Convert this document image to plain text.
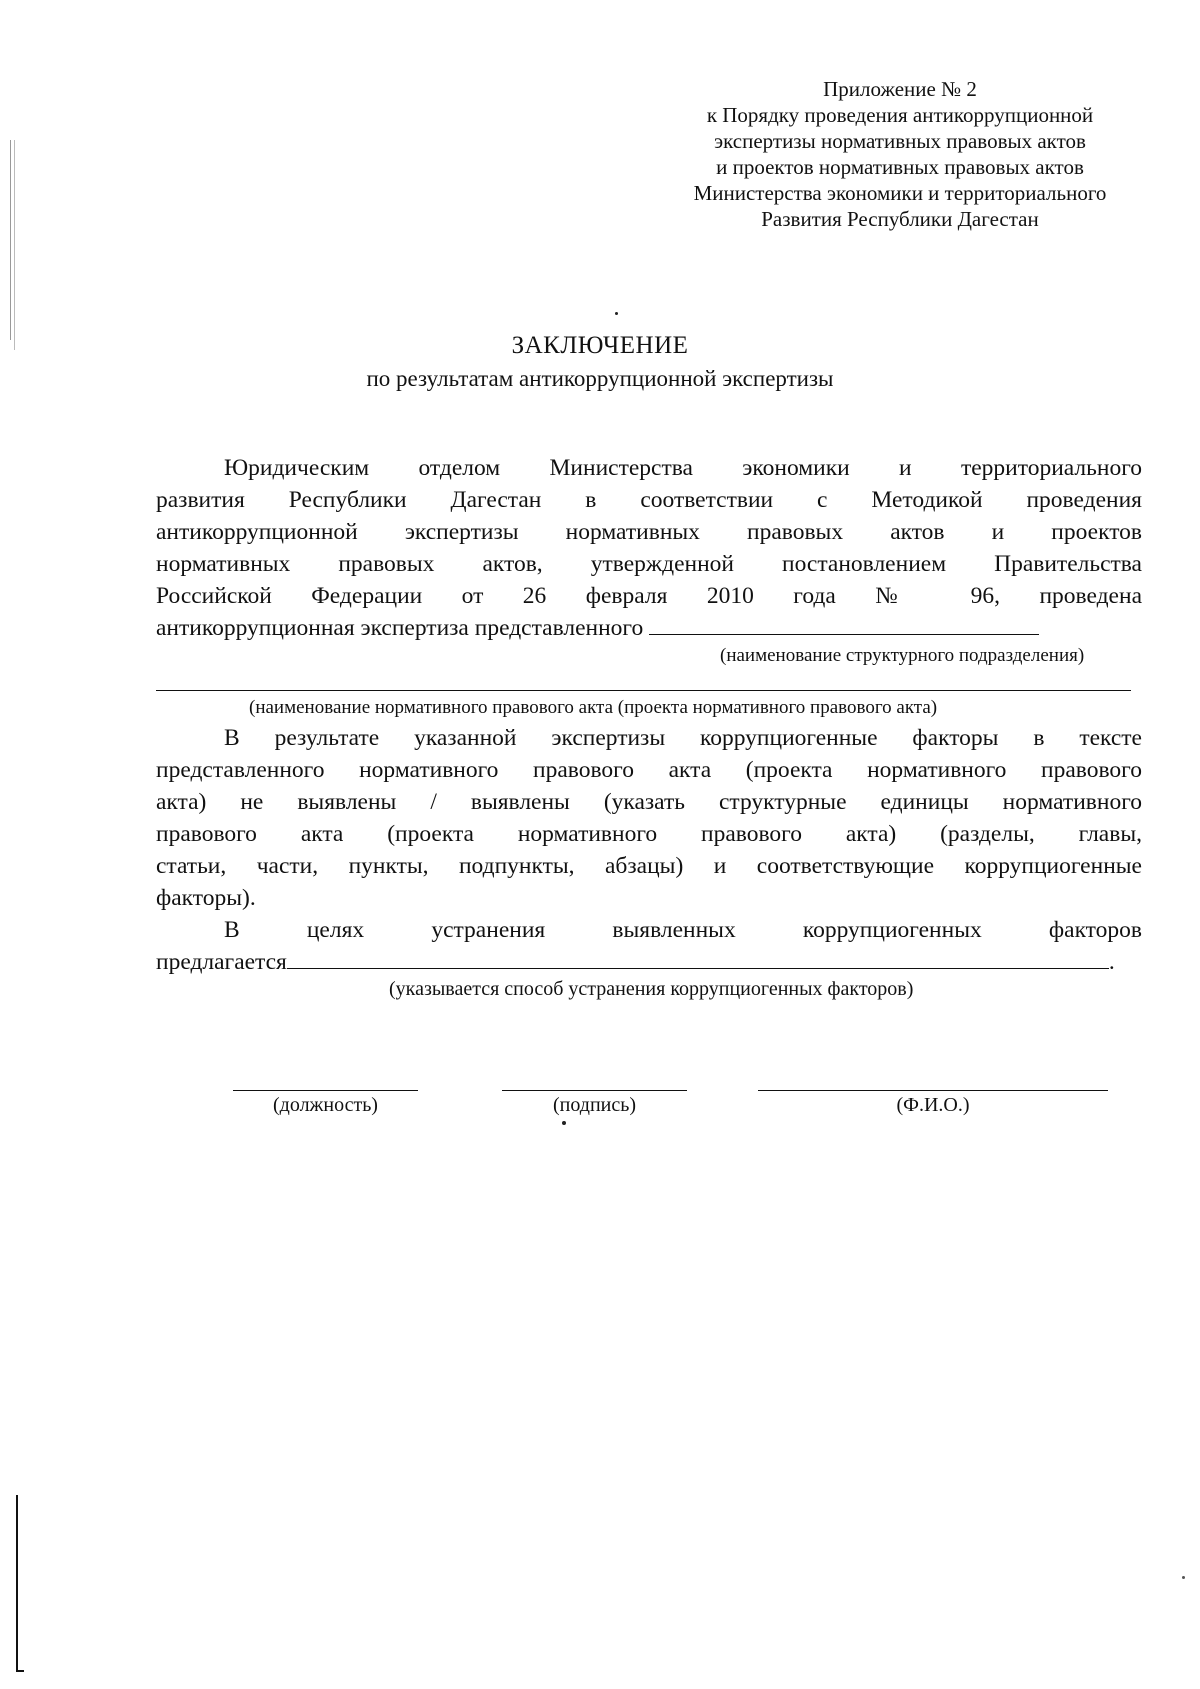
Приложение № 2
к Порядку проведения антикоррупционной
экспертизы нормативных правовых актов
и проектов нормативных правовых актов
Министерства экономики и территориального
Развития Республики Дагестан
ЗАКЛЮЧЕНИЕ
по результатам антикоррупционной экспертизы
Юридическим отделом Министерства экономики и территориального
развития Республики Дагестан в соответствии с Методикой проведения
антикоррупционной экспертизы нормативных правовых актов и проектов
нормативных правовых актов, утвержденной постановлением Правительства
Российской Федерации от 26 февраля 2010 года № 96, проведена
антикоррупционная экспертиза представленного
(наименование структурного подразделения)
(наименование нормативного правового акта (проекта нормативного правового акта)
В результате указанной экспертизы коррупциогенные факторы в тексте
представленного нормативного правового акта (проекта нормативного правового
акта) не выявлены / выявлены (указать структурные единицы нормативного
правового акта (проекта нормативного правового акта) (разделы, главы,
статьи, части, пункты, подпункты, абзацы) и соответствующие коррупциогенные
факторы).
В целях устранения выявленных коррупциогенных факторов
предлагается	.
(указывается способ устранения коррупциогенных факторов)
(должность)	(подпись)	(Ф.И.О.)
